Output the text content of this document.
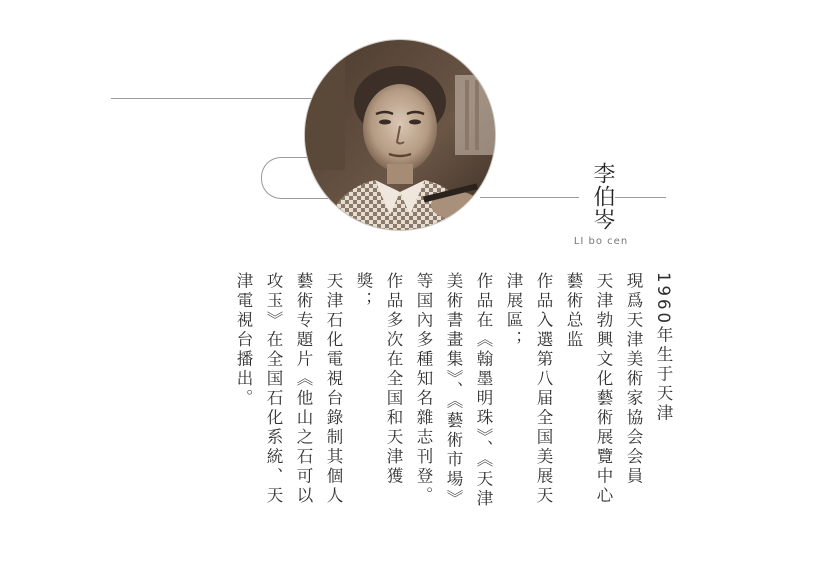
李伯岑
LI bo cen

1960年生于天津

現爲天津美術家協会会員

天津勃興文化藝術展覽中心藝術总监

作品入選第八届全国美展天津展區；

作品在《翰墨明珠》、《天津美術書畫集》、《藝術市場》等国內多種知名雜志刊登。

作品多次在全国和天津獲獎；

天津石化電視台錄制其個人藝術专題片《他山之石可以攻玉》在全国石化系統、天津電視台播出。
